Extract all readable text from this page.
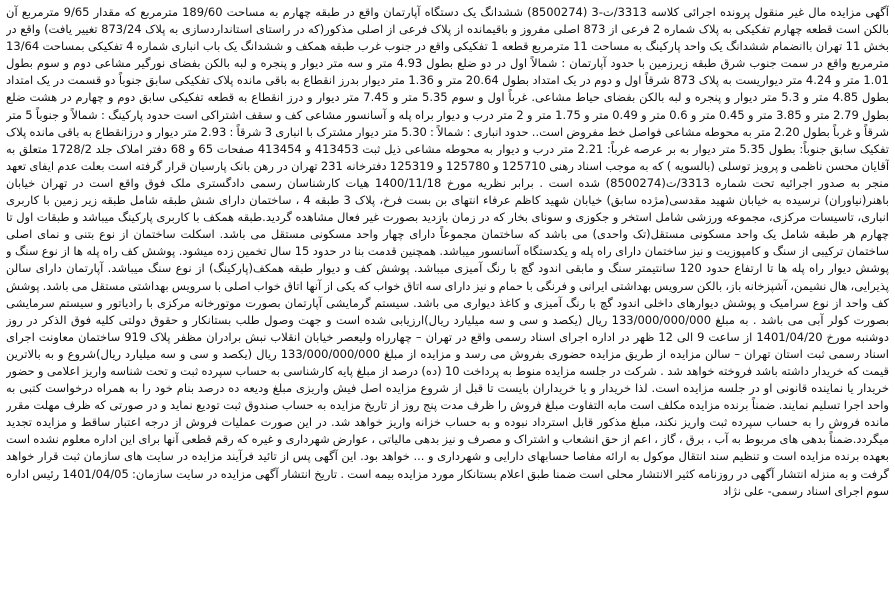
آگهی مزایده مال غیر منقول پرونده اجرائی کلاسه 3313/ت-3 (8500274) ششدانگ یک دستگاه آپارتمان واقع در طبقه چهارم به مساحت 189/60 مترمربع که مقدار 9/65 مترمربع آن بالکن است قطعه چهارم تفکیکی به پلاک شماره 2 فرعی از 873 اصلی مفروز و باقیمانده از پلاک فرعی از اصلی مذکور(که در راستای استانداردسازی به پلاک 873/24 تغییر یافت) واقع در بخش 11 تهران باانضمام ششدانگ یک واحد پارکینگ به مساحت 11 مترمربع قطعه 1 تفکیکی واقع در جنوب غرب طبقه همکف و ششدانگ یک باب انباری شماره 4 تفکیکی بمساحت 13/64 مترمربع واقع در سمت جنوب شرق طبقه زیرزمین با حدود آپارتمان : شمالاً اول در دو ضلع بطول 4.93 متر و سه متر دیوار و پنجره و لبه بالکن بفضای نورگیر مشاعی دوم و سوم بطول 1.01 متر و 4.24 متر دیواریست به پلاک 873 شرقاً اول و دوم در یک امتداد بطول 20.64 متر و 1.36 متر دیوار بدرز انقطاع به باقی مانده پلاک تفکیکی سابق جنوباً دو قسمت در یک امتداد بطول 4.85 متر و 5.3 متر دیوار و پنجره و لبه بالکن بفضای حیاط مشاعی. غرباً اول و سوم 5.35 متر و 7.45 متر دیوار و درز انقطاع به قطعه تفکیکی سابق دوم و چهارم در هشت ضلع بطول 2.79 متر و 3.85 متر و 0.45 متر و 0.6 متر و 0.49 متر و 1.75 متر و 2 متر درب و دیوار براه پله و آسانسور مشاعی کف و سقف اشتراکی است حدود پارکینگ : شمالاً و جنوباً 5 متر شرقاً و غرباً بطول 2.20 متر به محوطه مشاعی فواصل خط مفروض است.. حدود انباری : شمالاً : 5.30 متر دیوار مشترک با انباری 3 شرقاً : 2.93 متر دیوار و درزانقطاع به باقی مانده پلاک تفکیک سابق جنوباً: بطول 5.35 متر دیوار به بر عرصه غرباً: 2.21 متر درب و دیوار به محوطه مشاعی ذیل ثبت 413453 و 413454 صفحات 65 و 68 دفتر املاک جلد 1728/2 متعلق به آقایان محسن ناظمی و پرویز توسلی (بالسویه ) که به موجب اسناد رهنی 125710 و 125780 و 125319 دفترخانه 231 تهران در رهن بانک پارسیان قرار گرفته است بعلت عدم ایفای تعهد منجر به صدور اجرائیه تحت شماره 3313/ت(8500274) شده است . برابر نظریه مورخ 1400/11/18 هیات کارشناسان رسمی دادگستری ملک فوق واقع است در تهران خیابان باهنر(نیاوران) نرسیده به خیابان شهید مقدسی(مژده سابق) خیابان شهید کاظم عرفاء انتهای بن بست فرخ، پلاک 3 طبقه 4 ، ساختمان دارای شش طبقه شامل طبقه زیر زمین با کاربری انباری، تاسیسات مرکزی، مجموعه ورزشی شامل استخر و جکوزی و سونای بخار که در زمان بازدید بصورت غیر فعال مشاهده گردید.طبقه همکف با کاربری پارکینگ میباشد و طبقات اول تا چهارم هر طبقه شامل یک واحد مسکونی مستقل(تک واحدی) می باشد که ساختمان مجموعاً دارای چهار واحد مسکونی مستقل می باشد. اسکلت ساختمان از نوع بتنی و نمای اصلی ساختمان ترکیبی از سنگ و کامپوزیت و نیز ساختمان دارای راه پله و یکدستگاه آسانسور میباشد. همچنین قدمت بنا در حدود 15 سال تخمین زده میشود. پوشش کف راه پله ها از نوع سنگ و پوشش دیوار راه پله ها تا ارتفاع حدود 120 سانتیمتر سنگ و مابقی اندود گچ با رنگ آمیزی میباشد. پوشش کف و دیوار طبقه همکف(پارکینگ) از نوع سنگ میباشد. آپارتمان دارای سالن پذیرایی، هال نشیمن، آشپزخانه باز، بالکن سرویس بهداشتی ایرانی و فرنگی با حمام و نیز دارای سه اتاق خواب که یکی از آنها اتاق خواب اصلی با سرویس بهداشتی مستقل می باشد. پوشش کف واحد از نوع سرامیک و پوشش دیوارهای داخلی اندود گچ با رنگ آمیزی و کاغذ دیواری می باشد. سیستم گرمایشی آپارتمان بصورت موتورخانه مرکزی با رادیاتور و سیستم سرمایشی بصورت کولر آبی می باشد . به مبلغ 133/000/000/000 ریال (یکصد و سی و سه میلیارد ریال)ارزیابی شده است و جهت وصول طلب بستانکار و حقوق دولتی کلیه فوق الذکر در روز دوشنبه مورخ 1401/04/20 از ساعت 9 الی 12 ظهر در اداره اجرای اسناد رسمی واقع در تهران – چهارراه ولیعصر خیابان انقلاب نبش برادران مظفر پلاک 919 ساختمان معاونت اجرای اسناد رسمی ثبت استان تهران – سالن مزایده از طریق مزایده حضوری بفروش می رسد و مزایده از مبلغ 133/000/000/000 ریال (یکصد و سی و سه میلیارد ریال)شروع و به بالاترین قیمت که خریدار داشته باشد فروخته خواهد شد . شرکت در جلسه مزایده منوط به پرداخت 10 (ده) درصد از مبلغ پایه کارشناسی به حساب سپرده ثبت و تحت شناسه واریز اعلامی و حضور خریدار یا نماینده قانونی او در جلسه مزایده است. لذا خریدار و یا خریداران بایست تا قبل از شروع مزایده اصل فیش واریزی مبلغ ودیعه ده درصد بنام خود را به همراه درخواست کتبی به واحد اجرا تسلیم نمایند. ضمناً برنده مزایده مکلف است مابه التفاوت مبلغ فروش را ظرف مدت پنج روز از تاریخ مزایده به حساب صندوق ثبت تودیع نماید و در صورتی که ظرف مهلت مقرر مانده فروش را به حساب سپرده ثبت واریز نکند، مبلغ مذکور قابل استرداد نبوده و به حساب خزانه واریز خواهد شد. در این صورت عملیات فروش از درجه اعتبار ساقط و مزایده تجدید میگردد.ضمناً بدهی های مربوط به آب ، برق ، گاز ، اعم از حق انشعاب و اشتراک و مصرف و نیز بدهی مالیاتی ، عوارض شهرداری و غیره که رقم قطعی آنها برای این اداره معلوم نشده است بعهده برنده مزایده است و تنظیم سند انتقال موکول به ارائه مفاصا حسابهای دارایی و شهرداری و ... خواهد بود. این آگهی پس از تائید فرآیند مزایده در سایت های سازمان ثبت قرار خواهد گرفت و به منزله انتشار آگهی در روزنامه کثیر الانتشار محلی است ضمنا طبق اعلام بستانکار مورد مزایده بیمه است . تاریخ انتشار آگهی مزایده در سایت سازمان: 1401/04/05 رئیس اداره سوم اجرای اسناد رسمی- علی نژاد
